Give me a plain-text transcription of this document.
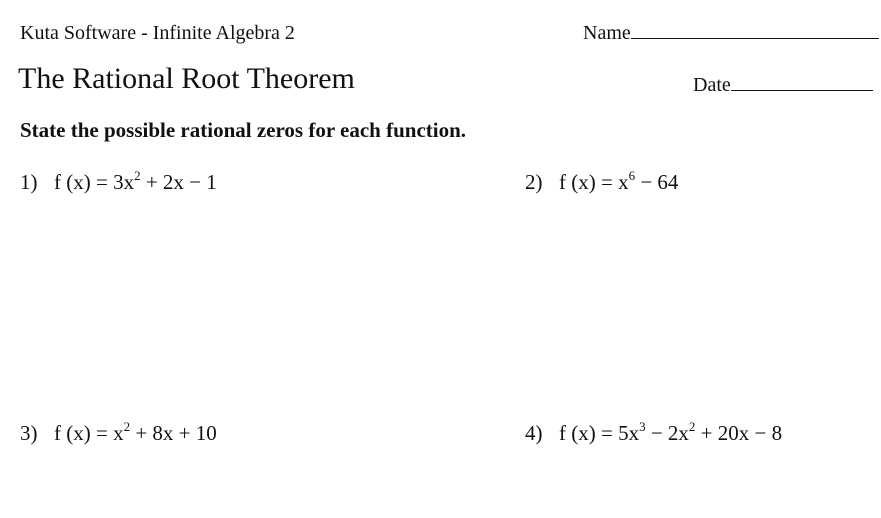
Kuta Software - Infinite Algebra 2	Name
The Rational Root Theorem	Date
State the possible rational zeros for each function.
1) f $(x) = 3x^2 + 2x - 1$	2) f $(x) = x^6 - 64$
3) f $(x) = x^2 + 8x + 10$	4) f $(x) = 5x^3 - 2x^2 + 20x - 8$
